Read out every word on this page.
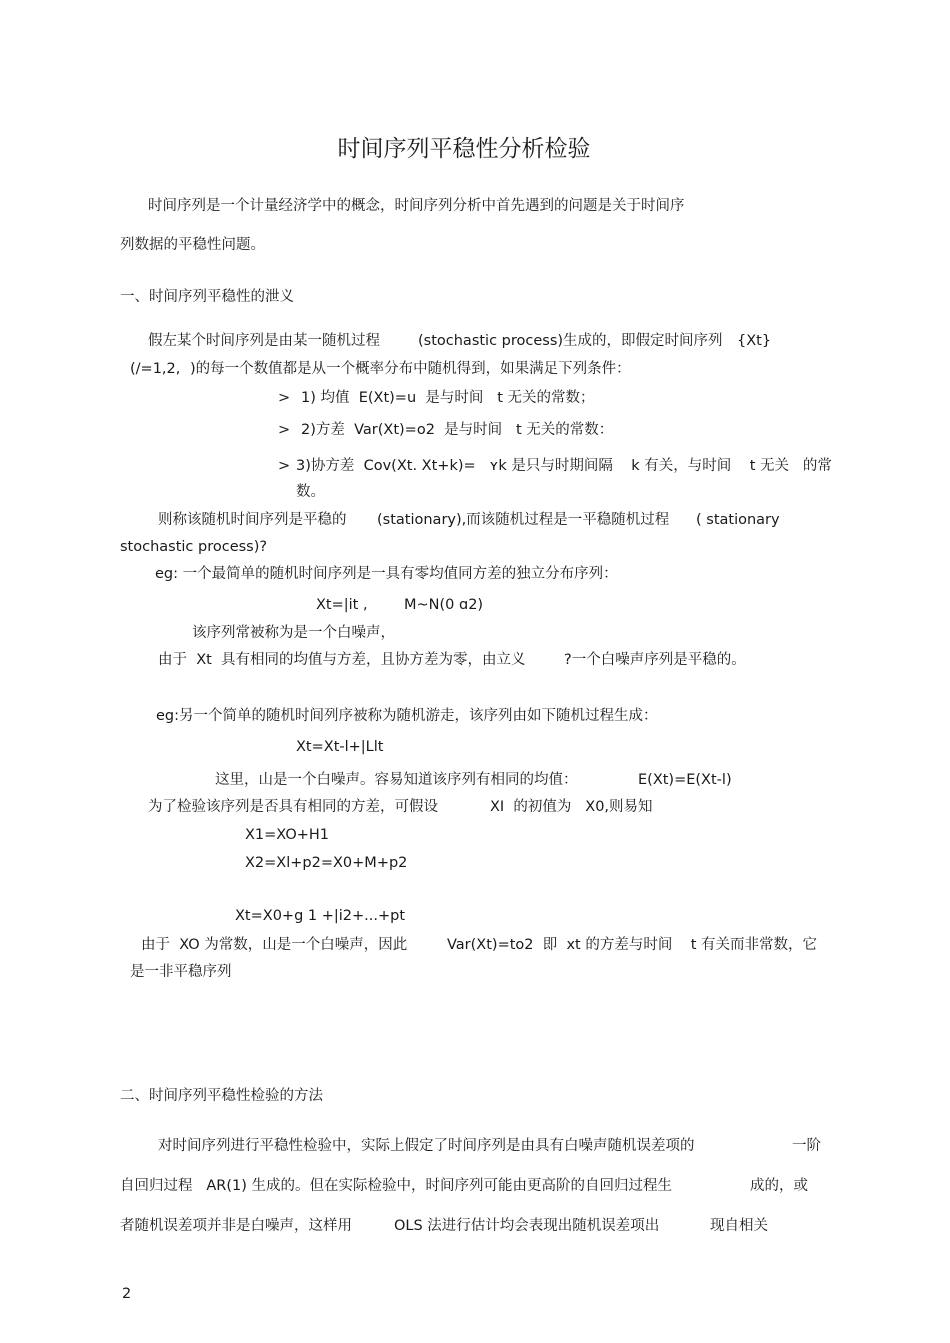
时间序列平稳性分析检验
时间序列是一个计量经济学中的概念，时间序列分析中首先遇到的问题是关于时间序
列数据的平稳性问题。
一、时间序列平稳性的泄义
假左某个时间序列是由某一随机过程	(stochastic process)生成的，即假定时间序列 {Xt}
(/=1,2, )的每一个数值都是从一个概率分布中随机得到，如果满足下列条件：
> 1) 均值  E(Xt)=u  是与时间   t 无关的常数；
> 2)方差  Var(Xt)=o2  是与时间   t 无关的常数：
> 3)协方差  Cov(Xt. Xt+k)=   ʏk 是只与时期间隔    k 有关，与时间    t 无关   的常
数。
则称该随机时间序列是平稳的 (stationary),而该随机过程是一平稳随机过程 ( stationary
stochastic process)?
eg: 一个最简单的随机时间序列是一具有零均值同方差的独立分布序列：
Xt=|it ,	M~N(0 ɑ2)
该序列常被称为是一个白噪声，
由于  Xt  具有相同的均值与方差，且协方差为零，由立义	?一个白噪声序列是平稳的。
eg:另一个简单的随机时间列序被称为随机游走，该序列由如下随机过程生成：
Xt=Xt-l+|Llt
这里，山是一个白噪声。容易知道该序列有相同的均值：	E(Xt)=E(Xt-l)
为了检验该序列是否具有相同的方差，可假设	XI  的初值为   X0,则易知
X1=XO+H1
X2=Xl+p2=X0+M+p2
Xt=X0+g 1 +|i2+...+pt
由于  XO 为常数，山是一个白噪声，因此	Var(Xt)=to2  即  xt 的方差与时间    t 有关而非常数，它
是一非平稳序列
二、时间序列平稳性检验的方法
对时间序列进行平稳性检验中，实际上假定了时间序列是由具有白噪声随机误差项的	一阶
自回归过程   AR(1) 生成的。但在实际检验中，时间序列可能由更高阶的自回归过程生	成的，或
者随机误差项并非是白噪声，这样用	OLS 法进行估计均会表现出随机误差项出	现自相关
2
